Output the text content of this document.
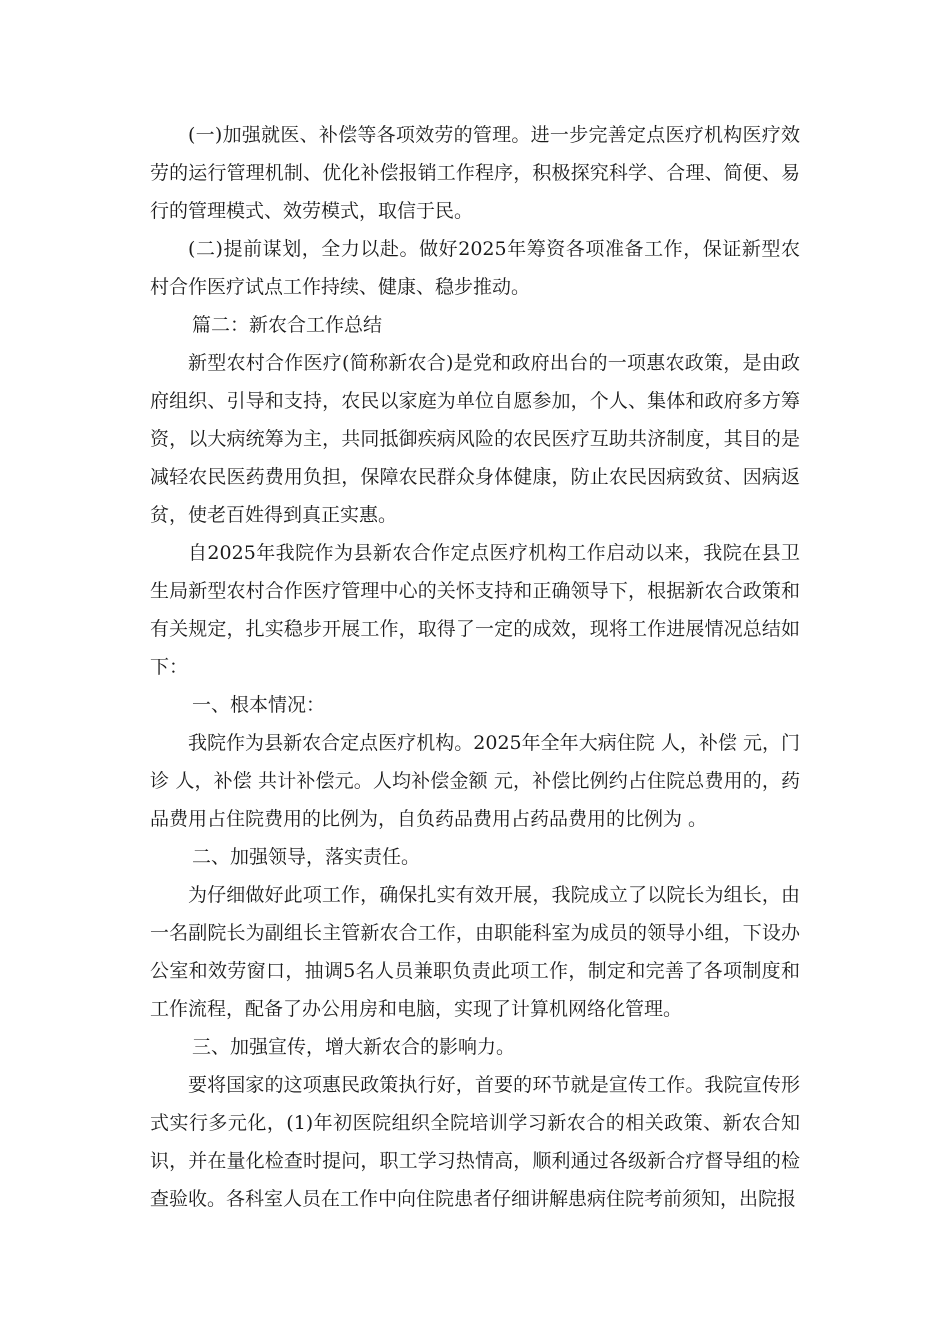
(一)加强就医、补偿等各项效劳的管理。进一步完善定点医疗机构医疗效劳的运行管理机制、优化补偿报销工作程序，积极探究科学、合理、简便、易行的管理模式、效劳模式，取信于民。

(二)提前谋划，全力以赴。做好2025年筹资各项准备工作，保证新型农村合作医疗试点工作持续、健康、稳步推动。

篇二：新农合工作总结

新型农村合作医疗(简称新农合)是党和政府出台的一项惠农政策，是由政府组织、引导和支持，农民以家庭为单位自愿参加，个人、集体和政府多方筹资，以大病统筹为主，共同抵御疾病风险的农民医疗互助共济制度，其目的是减轻农民医药费用负担，保障农民群众身体健康，防止农民因病致贫、因病返贫，使老百姓得到真正实惠。

自2025年我院作为县新农合作定点医疗机构工作启动以来，我院在县卫生局新型农村合作医疗管理中心的关怀支持和正确领导下，根据新农合政策和有关规定，扎实稳步开展工作，取得了一定的成效，现将工作进展情况总结如下：

一、根本情况：

我院作为县新农合定点医疗机构。2025年全年大病住院 人，补偿 元，门诊 人，补偿 共计补偿元。人均补偿金额 元，补偿比例约占住院总费用的，药品费用占住院费用的比例为，自负药品费用占药品费用的比例为 。

二、加强领导，落实责任。

为仔细做好此项工作，确保扎实有效开展，我院成立了以院长为组长，由一名副院长为副组长主管新农合工作，由职能科室为成员的领导小组，下设办公室和效劳窗口，抽调5名人员兼职负责此项工作，制定和完善了各项制度和工作流程，配备了办公用房和电脑，实现了计算机网络化管理。

三、加强宣传，增大新农合的影响力。

要将国家的这项惠民政策执行好，首要的环节就是宣传工作。我院宣传形式实行多元化，(1)年初医院组织全院培训学习新农合的相关政策、新农合知识，并在量化检查时提问，职工学习热情高，顺利通过各级新合疗督导组的检查验收。各科室人员在工作中向住院患者仔细讲解患病住院考前须知，出院报
